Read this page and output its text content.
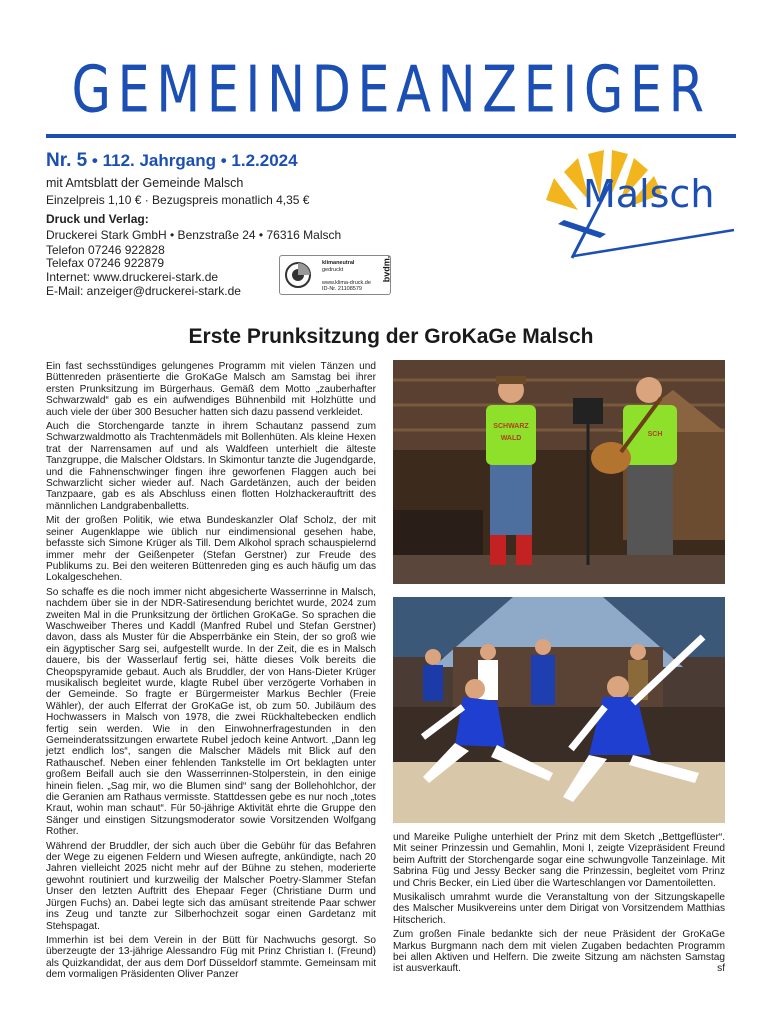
GEMEINDEANZEIGER
Nr. 5 • 112. Jahrgang • 1.2.2024
mit Amtsblatt der Gemeinde Malsch
Einzelpreis 1,10 € · Bezugspreis monatlich 4,35 €
Druck und Verlag:
Druckerei Stark GmbH • Benzstraße 24 • 76316 Malsch
Telefon 07246 922828
Telefax 07246 922879
Internet: www.druckerei-stark.de
E-Mail: anzeiger@druckerei-stark.de
klimaneutral
gedruckt
www.klima-druck.de
ID-Nr. 21108579
bvdm.
Malsch
Erste Prunksitzung der GroKaGe Malsch

Ein fast sechsstündiges gelungenes Programm mit vielen Tänzen und Büttenreden präsentierte die GroKaGe Malsch am Samstag bei ihrer ersten Prunksitzung im Bürgerhaus. Gemäß dem Motto „zauberhafter Schwarzwald“ gab es ein aufwendiges Bühnenbild mit Holzhütte und auch viele der über 300 Besucher hatten sich dazu passend verkleidet.

Auch die Storchengarde tanzte in ihrem Schautanz passend zum Schwarzwaldmotto als Trachtenmädels mit Bollenhüten. Als kleine Hexen trat der Narrensamen auf und als Waldfeen unterhielt die älteste Tanzgruppe, die Malscher Oldstars. In Skimontur tanzte die Jugendgarde, und die Fahnenschwinger fingen ihre geworfenen Flaggen auch bei Schwarzlicht sicher wieder auf. Nach Gardetänzen, auch der beiden Tanzpaare, gab es als Abschluss einen flotten Holzhackerauftritt des männlichen Landgrabenballetts.

Mit der großen Politik, wie etwa Bundeskanzler Olaf Scholz, der mit seiner Augenklappe wie üblich nur eindimensional gesehen habe, befasste sich Simone Krüger als Till. Dem Alkohol sprach schauspielernd immer mehr der Geißenpeter (Stefan Gerstner) zur Freude des Publikums zu. Bei den weiteren Büttenreden ging es auch häufig um das Lokalgeschehen.

So schaffe es die noch immer nicht abgesicherte Wasserrinne in Malsch, nachdem über sie in der NDR-Satiresendung berichtet wurde, 2024 zum zweiten Mal in die Prunksitzung der örtlichen GroKaGe. So sprachen die Waschweiber Theres und Kaddl (Manfred Rubel und Stefan Gerstner) davon, dass als Muster für die Absperrbänke ein Stein, der so groß wie ein ägyptischer Sarg sei, aufgestellt wurde. In der Zeit, die es in Malsch dauere, bis der Wasserlauf fertig sei, hätte dieses Volk bereits die Cheopspyramide gebaut. Auch als Bruddler, der von Hans-Dieter Krüger musikalisch begleitet wurde, klagte Rubel über verzögerte Vorhaben in der Gemeinde. So fragte er Bürgermeister Markus Bechler (Freie Wähler), der auch Elferrat der GroKaGe ist, ob zum 50. Jubiläum des Hochwassers in Malsch von 1978, die zwei Rückhaltebecken endlich fertig sein werden. Wie in den Einwohnerfragestunden in den Gemeinderatssitzungen erwartete Rubel jedoch keine Antwort. „Dann leg jetzt endlich los“, sangen die Malscher Mädels mit Blick auf den Rathauschef. Neben einer fehlenden Tankstelle im Ort beklagten unter großem Beifall auch sie den Wasserrinnen-Stolperstein, in den einige hinein fielen. „Sag mir, wo die Blumen sind“ sang der Bollehohlchor, der die Geranien am Rathaus vermisste. Stattdessen gebe es nur noch „totes Kraut, wohin man schaut“. Für 50-jährige Aktivität ehrte die Gruppe den Sänger und einstigen Sitzungsmoderator sowie Vorsitzenden Wolfgang Rother.

Während der Bruddler, der sich auch über die Gebühr für das Befahren der Wege zu eigenen Feldern und Wiesen aufregte, ankündigte, nach 20 Jahren vielleicht 2025 nicht mehr auf der Bühne zu stehen, moderierte gewohnt routiniert und kurzweilig der Malscher Poetry-Slammer Stefan Unser den letzten Auftritt des Ehepaar Feger (Christiane Durm und Jürgen Fuchs) an. Dabei legte sich das amüsant streitende Paar schwer ins Zeug und tanzte zur Silberhochzeit sogar einen Gardetanz mit Stehspagat.

Immerhin ist bei dem Verein in der Bütt für Nachwuchs gesorgt. So überzeugte der 13-jährige Alessandro Füg mit Prinz Christian I. (Freund) als Quizkandidat, der aus dem Dorf Düsseldorf stammte. Gemeinsam mit dem vormaligen Präsidenten Oliver Panzer

SCHWARZ
WALD
SCH

und Mareike Pulighe unterhielt der Prinz mit dem Sketch „Bettgeflüster“. Mit seiner Prinzessin und Gemahlin, Moni I, zeigte Vizepräsident Freund beim Auftritt der Storchengarde sogar eine schwungvolle Tanzeinlage. Mit Sabrina Füg und Jessy Becker sang die Prinzessin, begleitet vom Prinz und Chris Becker, ein Lied über die Warteschlangen vor Damentoiletten.

Musikalisch umrahmt wurde die Veranstaltung von der Sitzungskapelle des Malscher Musikvereins unter dem Dirigat von Vorsitzendem Matthias Hitscherich.

Zum großen Finale bedankte sich der neue Präsident der GroKaGe Markus Burgmann nach dem mit vielen Zugaben bedachten Programm bei allen Aktiven und Helfern. Die zweite Sitzung am nächsten Samstag ist ausverkauft.	sf
